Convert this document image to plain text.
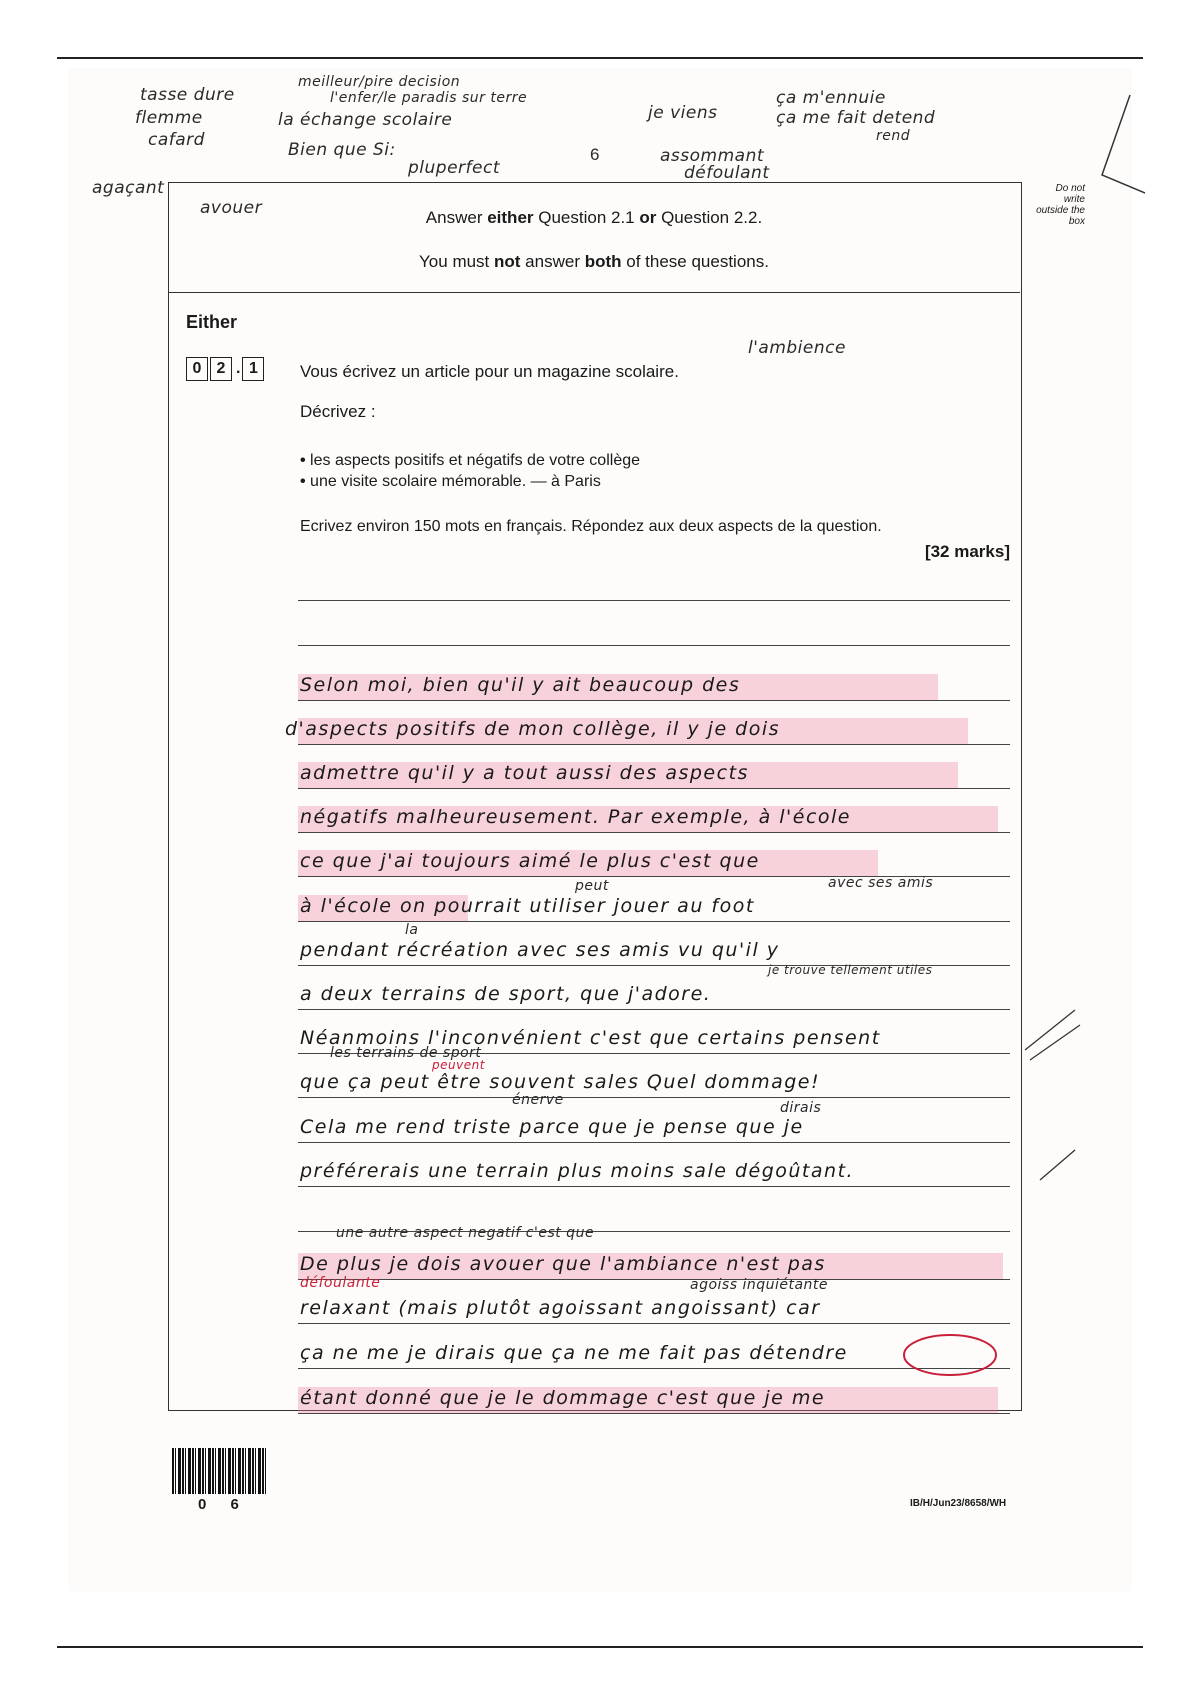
tasse dure
flemme
cafard
agaçant
meilleur/pire decision
l'enfer/le paradis sur terre
la échange scolaire
Bien que Si:
pluperfect
6
je viens
ça m'ennuie
ça me fait detend
rend
assommant
défoulant
Do not write outside the box
avouer	Answer either Question 2.1 or Question 2.2.
You must not answer both of these questions.
Either
0 2 . 1
l'ambience
Vous écrivez un article pour un magazine scolaire.
Décrivez :
• les aspects positifs et négatifs de votre collège
• une visite scolaire mémorable. — à Paris
Ecrivez environ 150 mots en français. Répondez aux deux aspects de la question.
[32 marks]
Selon moi, bien qu'il y ait beaucoup des
d'aspects positifs de mon collège, il y je dois
admettre qu'il y a tout aussi des aspects
négatifs malheureusement. Par exemple, à l'école
ce que j'ai toujours aimé le plus c'est que
à l'école on pourrait utiliser jouer au foot
pendant récréation avec ses amis vu qu'il y
a deux terrains de sport, que j'adore.
Néanmoins l'inconvénient c'est que certains pensent
que ça peut être souvent sales Quel dommage!
Cela me rend triste parce que je pense que je
préférerais une terrain plus moins sale dégoûtant.
De plus je dois avouer que l'ambiance n'est pas
relaxant (mais plutôt agoissant angoissant) car
ça ne me je dirais que ça ne me fait pas détendre
étant donné que je le dommage c'est que je me
peut	avec ses amis
la
je trouve tellement utiles
les terrains de sport
peuvent
énerve	dirais
une autre aspect negatif c'est que
défoulante	agoiss inquiétante
0 6	IB/H/Jun23/8658/WH
